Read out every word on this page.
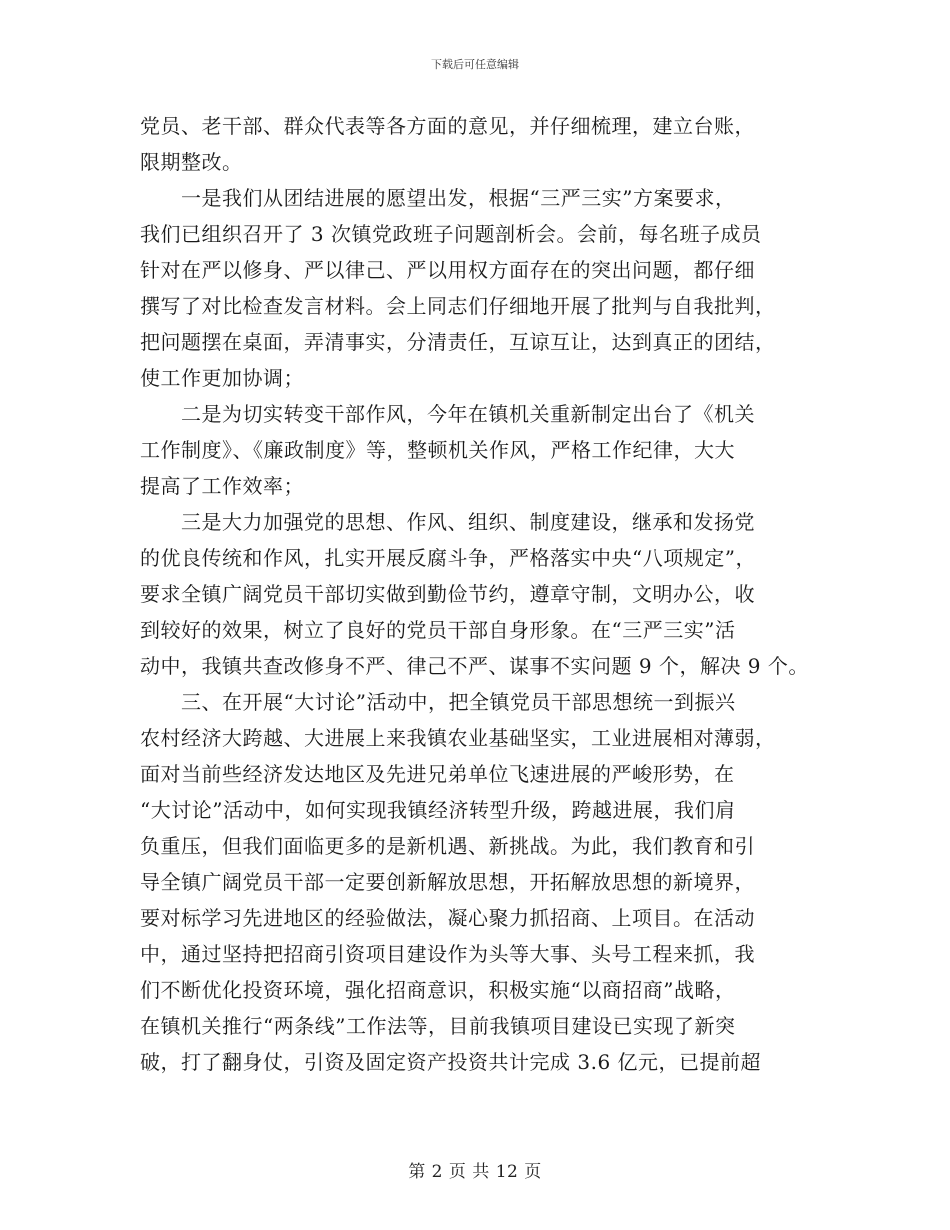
下载后可任意编辑
党员、老干部、群众代表等各方面的意见，并仔细梳理，建立台账，
限期整改。
　　一是我们从团结进展的愿望出发，根据“三严三实”方案要求，
我们已组织召开了 3 次镇党政班子问题剖析会。会前，每名班子成员
针对在严以修身、严以律己、严以用权方面存在的突出问题，都仔细
撰写了对比检查发言材料。会上同志们仔细地开展了批判与自我批判，
把问题摆在桌面，弄清事实，分清责任，互谅互让，达到真正的团结，
使工作更加协调；
　　二是为切实转变干部作风，今年在镇机关重新制定出台了《机关
工作制度》、《廉政制度》等，整顿机关作风，严格工作纪律，大大
提高了工作效率；
　　三是大力加强党的思想、作风、组织、制度建设，继承和发扬党
的优良传统和作风，扎实开展反腐斗争，严格落实中央“八项规定”，
要求全镇广阔党员干部切实做到勤俭节约，遵章守制，文明办公，收
到较好的效果，树立了良好的党员干部自身形象。在“三严三实”活
动中，我镇共查改修身不严、律己不严、谋事不实问题 9 个，解决 9 个。
　　三、在开展“大讨论”活动中，把全镇党员干部思想统一到振兴
农村经济大跨越、大进展上来我镇农业基础坚实，工业进展相对薄弱，
面对当前些经济发达地区及先进兄弟单位飞速进展的严峻形势，在
“大讨论”活动中，如何实现我镇经济转型升级，跨越进展，我们肩
负重压，但我们面临更多的是新机遇、新挑战。为此，我们教育和引
导全镇广阔党员干部一定要创新解放思想，开拓解放思想的新境界，
要对标学习先进地区的经验做法，凝心聚力抓招商、上项目。在活动
中，通过坚持把招商引资项目建设作为头等大事、头号工程来抓，我
们不断优化投资环境，强化招商意识，积极实施“以商招商”战略，
在镇机关推行“两条线”工作法等，目前我镇项目建设已实现了新突
破，打了翻身仗，引资及固定资产投资共计完成 3.6 亿元，已提前超
第 2 页 共 12 页
